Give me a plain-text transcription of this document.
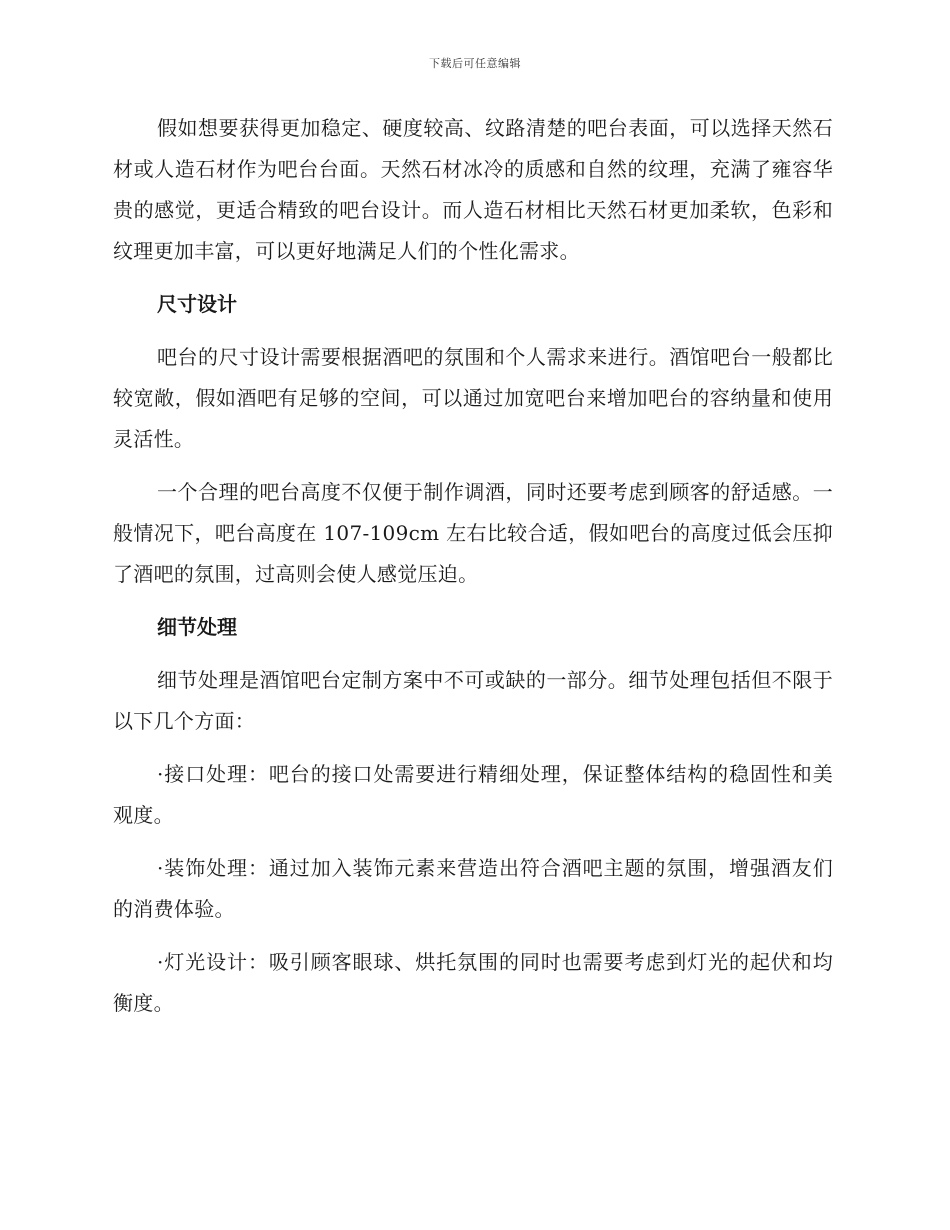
下载后可任意编辑

假如想要获得更加稳定、硬度较高、纹路清楚的吧台表面，可以选择天然石材或人造石材作为吧台台面。天然石材冰冷的质感和自然的纹理，充满了雍容华贵的感觉，更适合精致的吧台设计。而人造石材相比天然石材更加柔软，色彩和纹理更加丰富，可以更好地满足人们的个性化需求。

尺寸设计

吧台的尺寸设计需要根据酒吧的氛围和个人需求来进行。酒馆吧台一般都比较宽敞，假如酒吧有足够的空间，可以通过加宽吧台来增加吧台的容纳量和使用灵活性。

一个合理的吧台高度不仅便于制作调酒，同时还要考虑到顾客的舒适感。一般情况下，吧台高度在 107-109cm 左右比较合适，假如吧台的高度过低会压抑了酒吧的氛围，过高则会使人感觉压迫。

细节处理

细节处理是酒馆吧台定制方案中不可或缺的一部分。细节处理包括但不限于以下几个方面：

·接口处理：吧台的接口处需要进行精细处理，保证整体结构的稳固性和美观度。

·装饰处理：通过加入装饰元素来营造出符合酒吧主题的氛围，增强酒友们的消费体验。

·灯光设计：吸引顾客眼球、烘托氛围的同时也需要考虑到灯光的起伏和均衡度。
